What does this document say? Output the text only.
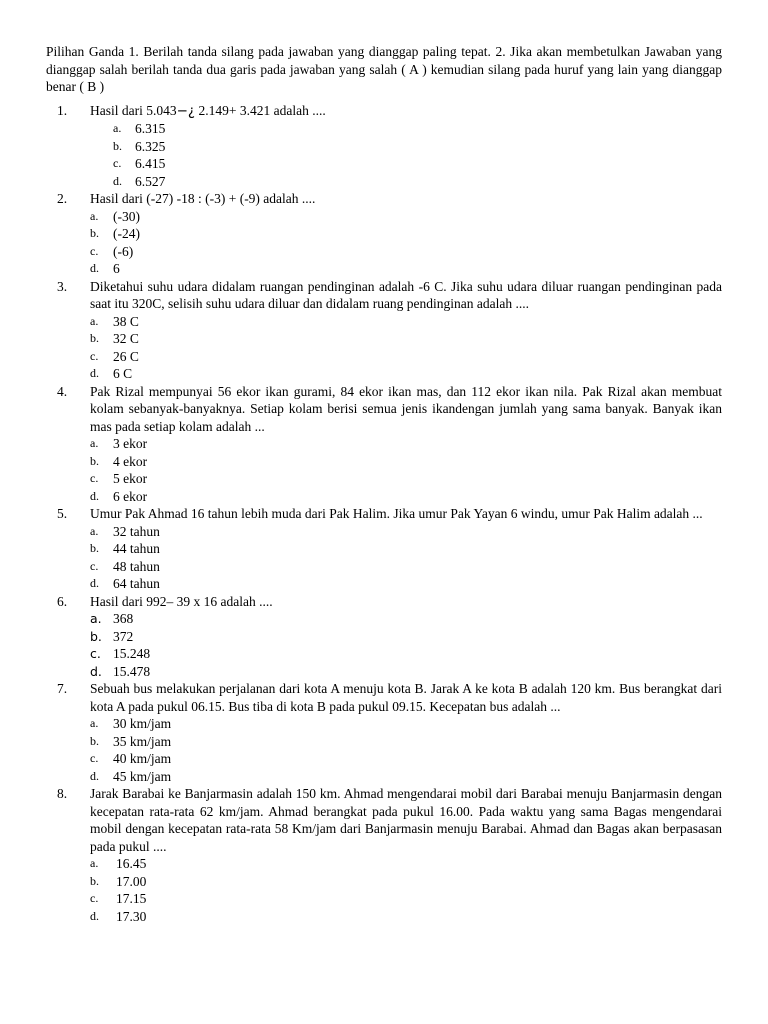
Pilihan Ganda 1. Berilah tanda silang pada jawaban yang dianggap paling tepat. 2. Jika akan membetulkan Jawaban yang dianggap salah berilah tanda dua garis pada jawaban yang salah ( A ) kemudian silang pada huruf yang lain yang dianggap benar ( B )
1. Hasil dari 5.043−¿ 2.149+ 3.421 adalah ....
a. 6.315
b. 6.325
c. 6.415
d. 6.527
2. Hasil dari (-27) -18 : (-3) + (-9) adalah ....
a. (-30)
b. (-24)
c. (-6)
d. 6
3. Diketahui suhu udara didalam ruangan pendinginan adalah -6 C. Jika suhu udara diluar ruangan pendinginan pada saat itu 320C, selisih suhu udara diluar dan didalam ruang pendinginan adalah ....
a. 38 C
b. 32 C
c. 26 C
d. 6 C
4. Pak Rizal mempunyai 56 ekor ikan gurami, 84 ekor ikan mas, dan 112 ekor ikan nila. Pak Rizal akan membuat kolam sebanyak-banyaknya. Setiap kolam berisi semua jenis ikandengan jumlah yang sama banyak. Banyak ikan mas pada setiap kolam adalah ...
a. 3 ekor
b. 4 ekor
c. 5 ekor
d. 6 ekor
5. Umur Pak Ahmad 16 tahun lebih muda dari Pak Halim. Jika umur Pak Yayan 6 windu, umur Pak Halim adalah ...
a. 32 tahun
b. 44 tahun
c. 48 tahun
d. 64 tahun
6. Hasil dari 992– 39 x 16 adalah ....
a. 368
b. 372
c. 15.248
d. 15.478
7. Sebuah bus melakukan perjalanan dari kota A menuju kota B. Jarak A ke kota B adalah 120 km. Bus berangkat dari kota A pada pukul 06.15. Bus tiba di kota B pada pukul 09.15. Kecepatan bus adalah ...
a. 30 km/jam
b. 35 km/jam
c. 40 km/jam
d. 45 km/jam
8. Jarak Barabai ke Banjarmasin adalah 150 km. Ahmad mengendarai mobil dari Barabai menuju Banjarmasin dengan kecepatan rata-rata 62 km/jam. Ahmad berangkat pada pukul 16.00. Pada waktu yang sama Bagas mengendarai mobil dengan kecepatan rata-rata 58 Km/jam dari Banjarmasin menuju Barabai. Ahmad dan Bagas akan berpasasan pada pukul ....
a. 16.45
b. 17.00
c. 17.15
d. 17.30
